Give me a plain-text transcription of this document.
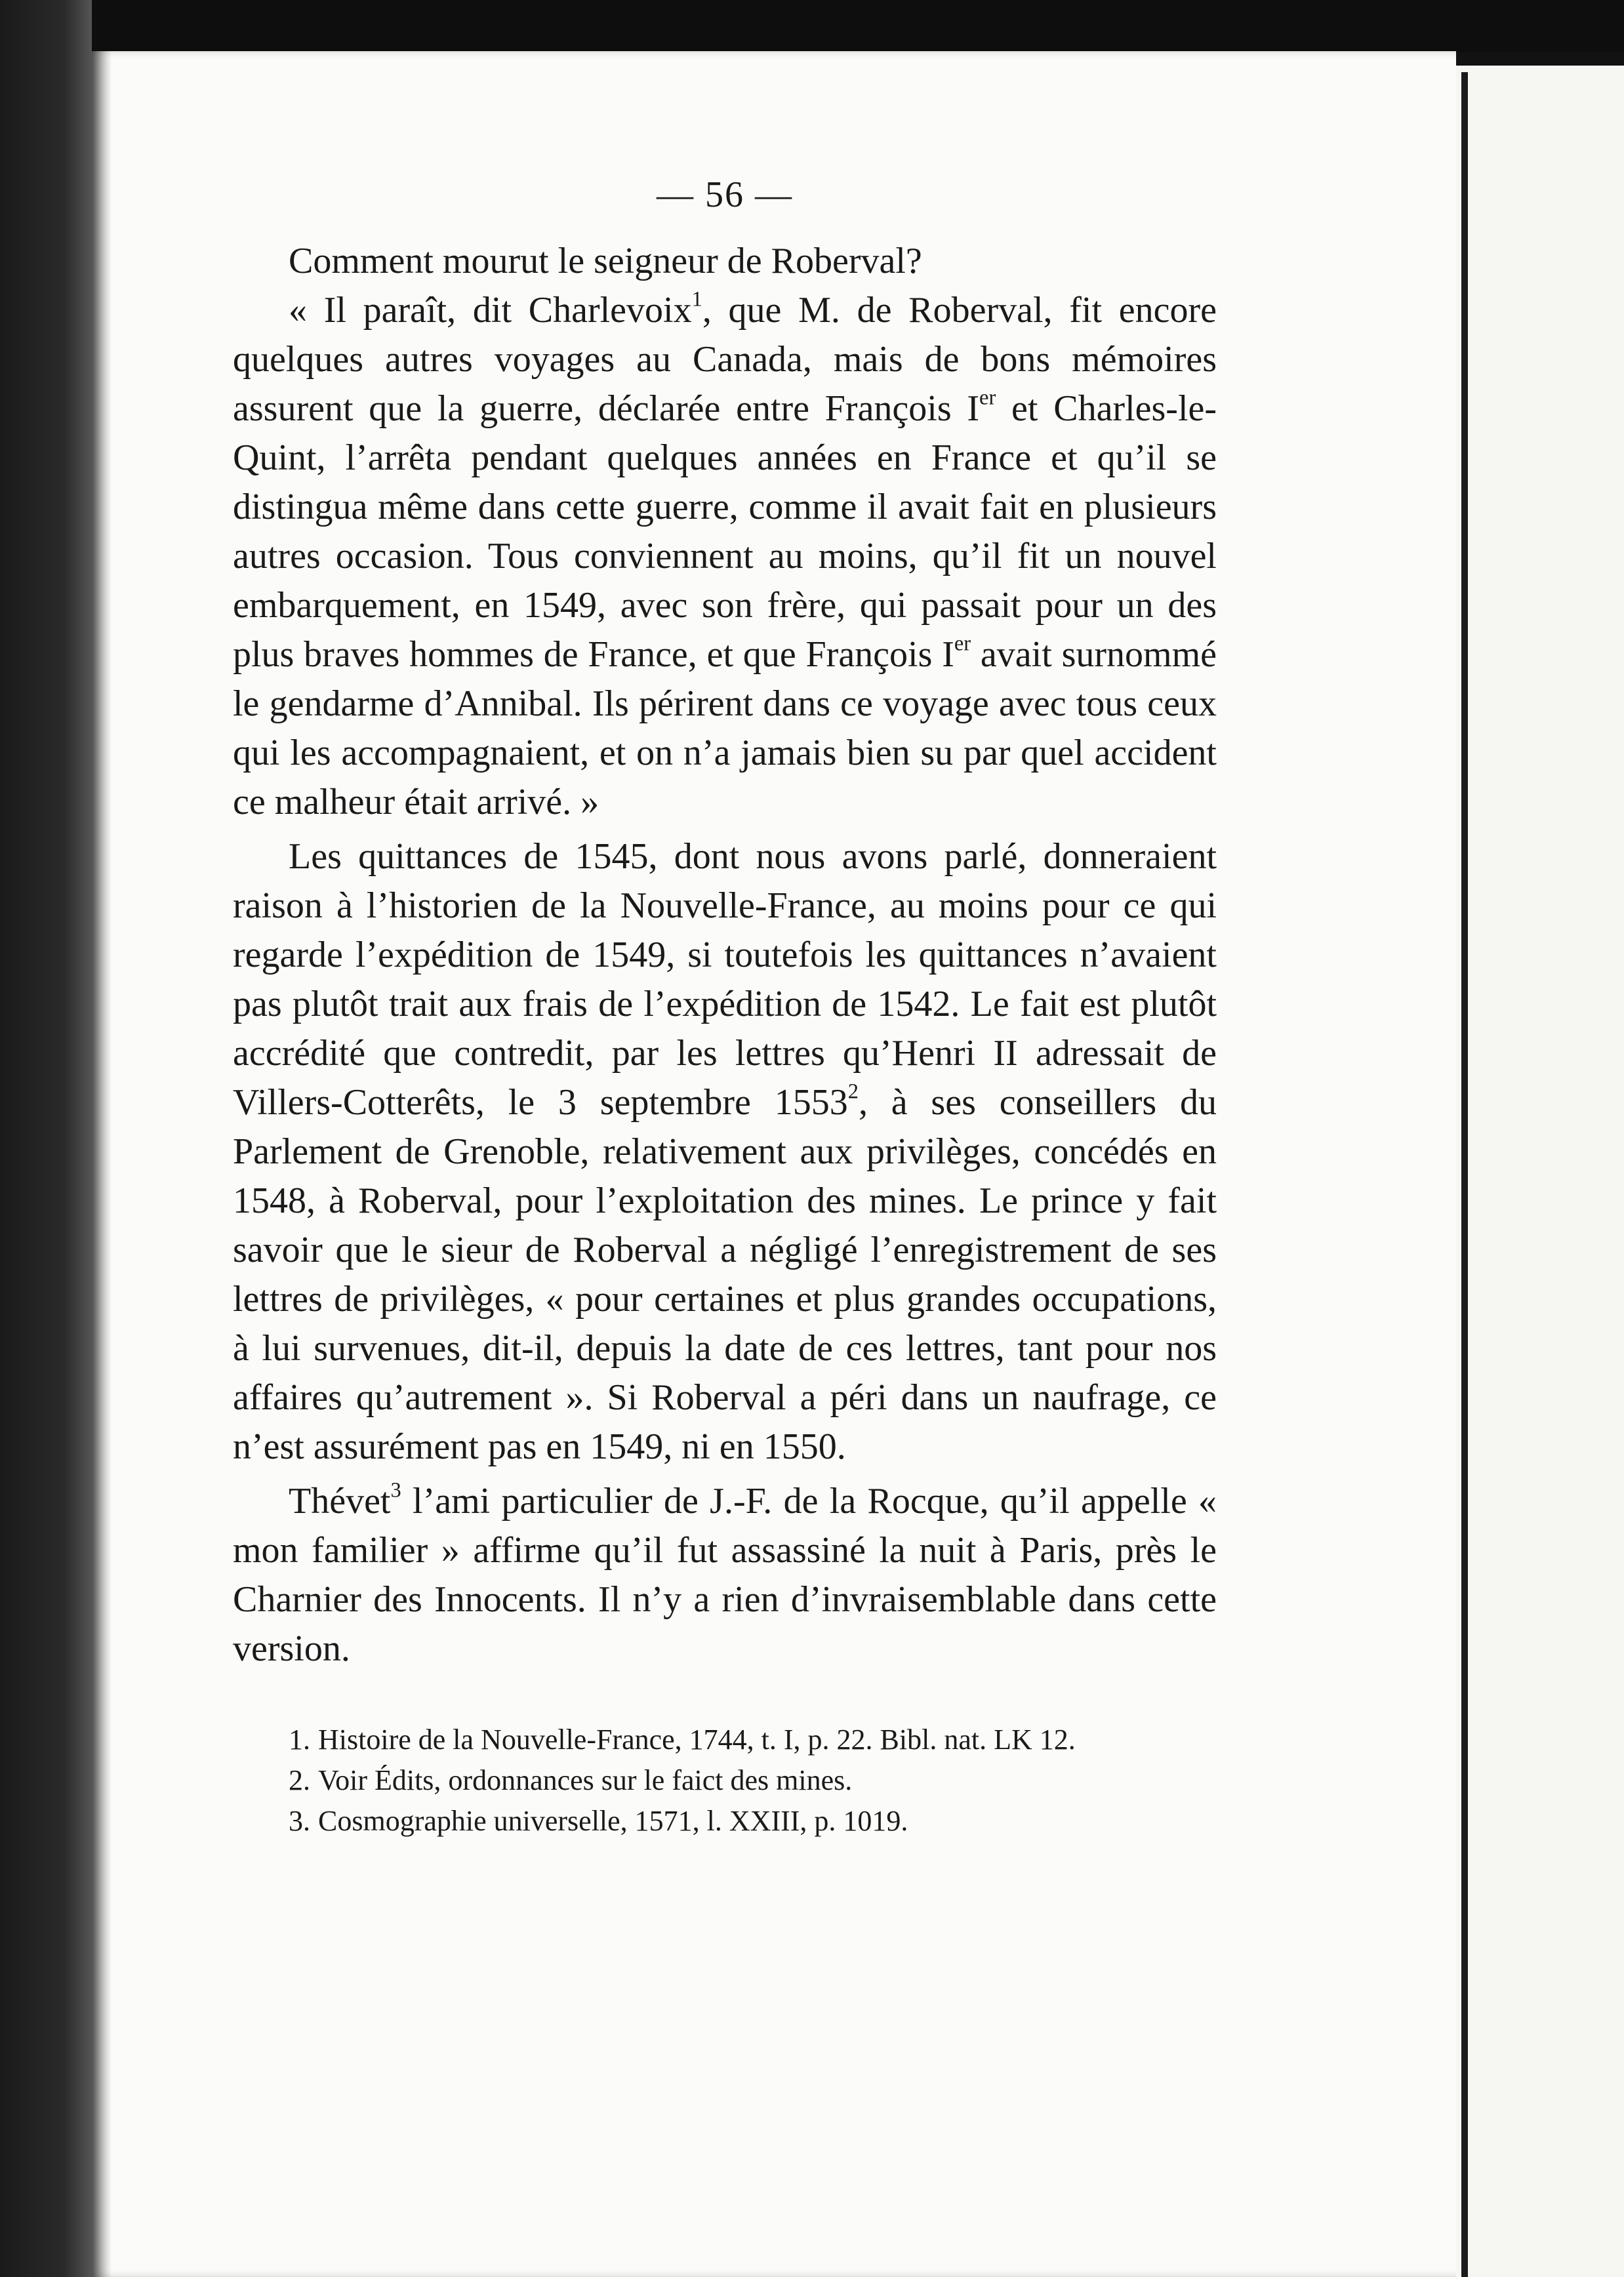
— 56 —

Comment mourut le seigneur de Roberval?

« Il paraît, dit Charlevoix$^1$, que M. de Roberval, fit encore quelques autres voyages au Canada, mais de bons mémoires assurent que la guerre, déclarée entre François Ier et Charles-le-Quint, l’arrêta pendant quelques années en France et qu’il se distingua même dans cette guerre, comme il avait fait en plusieurs autres occasion. Tous conviennent au moins, qu’il fit un nouvel embarquement, en 1549, avec son frère, qui passait pour un des plus braves hommes de France, et que François Ier avait surnommé le gendarme d’Annibal. Ils périrent dans ce voyage avec tous ceux qui les accompagnaient, et on n’a jamais bien su par quel accident ce malheur était arrivé. »

Les quittances de 1545, dont nous avons parlé, donneraient raison à l’historien de la Nouvelle-France, au moins pour ce qui regarde l’expédition de 1549, si toutefois les quittances n’avaient pas plutôt trait aux frais de l’expédition de 1542. Le fait est plutôt accrédité que contredit, par les lettres qu’Henri II adressait de Villers-Cotterêts, le 3 septembre 1553$^2$, à ses conseillers du Parlement de Grenoble, relativement aux privilèges, concédés en 1548, à Roberval, pour l’exploitation des mines. Le prince y fait savoir que le sieur de Roberval a négligé l’enregistrement de ses lettres de privilèges, « pour certaines et plus grandes occupations, à lui survenues, dit-il, depuis la date de ces lettres, tant pour nos affaires qu’autrement ». Si Roberval a péri dans un naufrage, ce n’est assurément pas en 1549, ni en 1550.

Thévet$^3$ l’ami particulier de J.-F. de la Rocque, qu’il appelle « mon familier » affirme qu’il fut assassiné la nuit à Paris, près le Charnier des Innocents. Il n’y a rien d’invraisemblable dans cette version.

1. Histoire de la Nouvelle-France, 1744, t. I, p. 22. Bibl. nat. LK 12.

2. Voir Édits, ordonnances sur le faict des mines.

3. Cosmographie universelle, 1571, l. XXIII, p. 1019.
